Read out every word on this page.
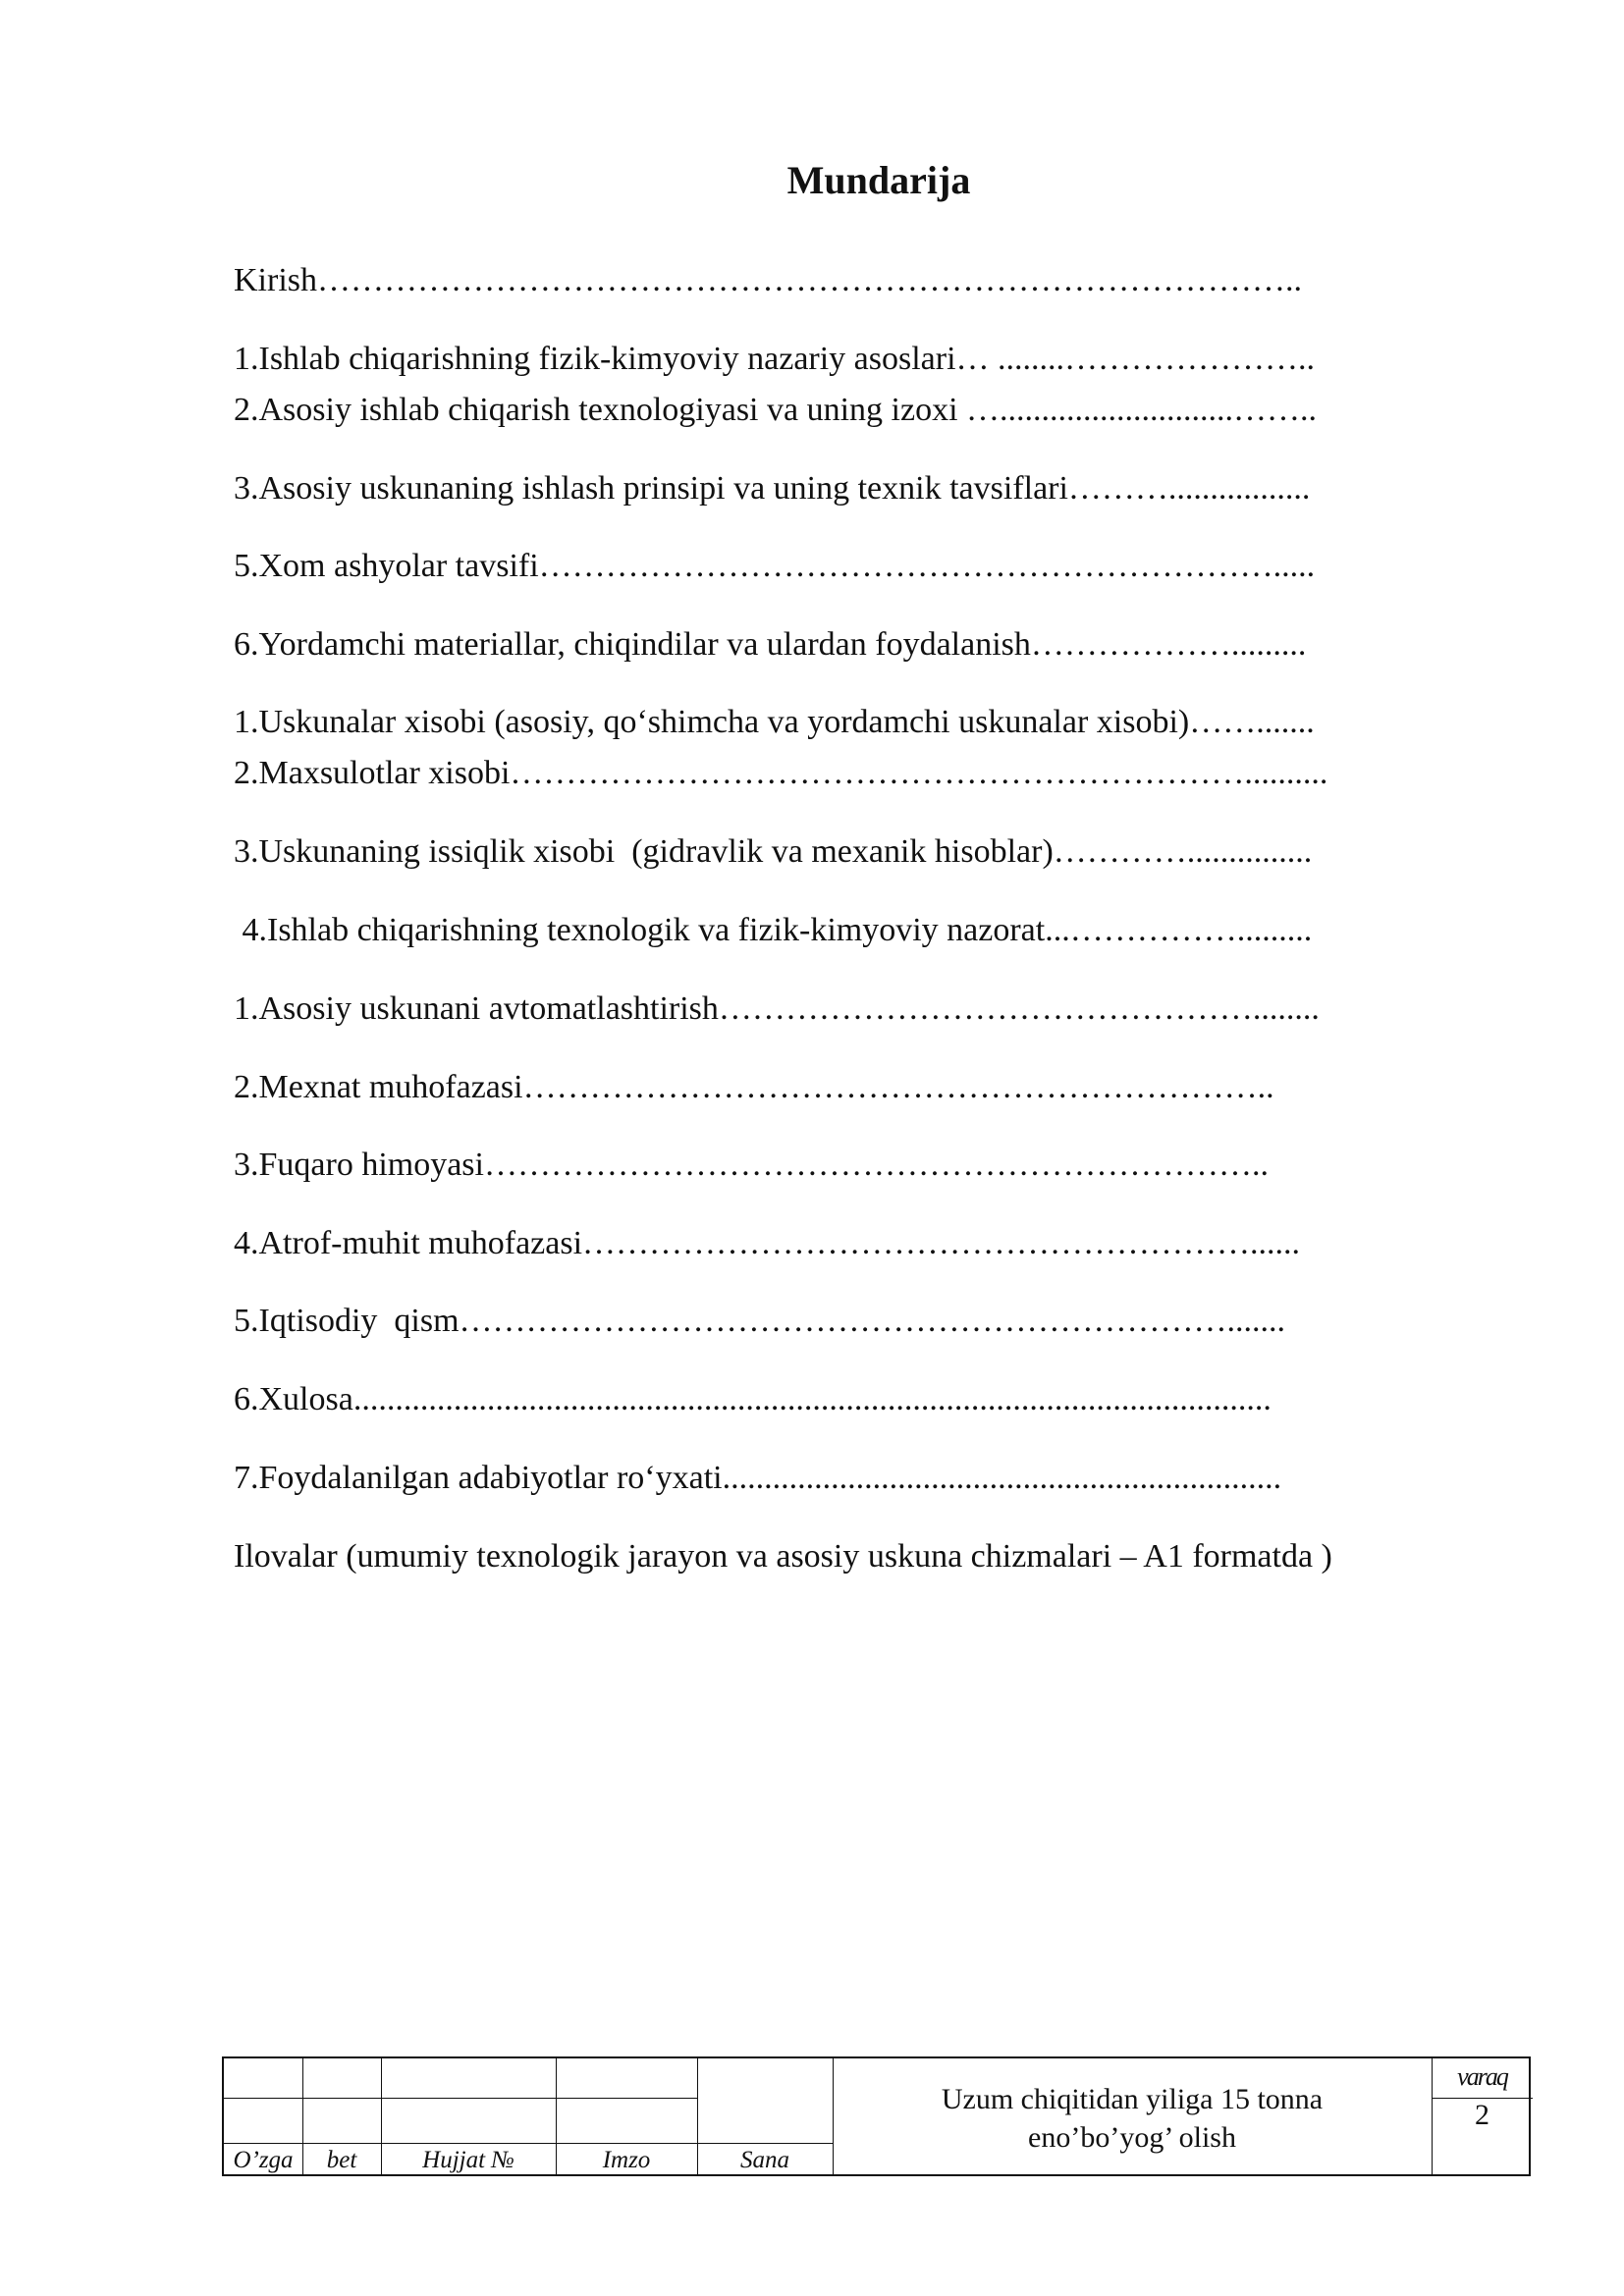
Mundarija
Kirish……………………………………………………………………………..
1.Ishlab chiqarishning fizik-kimyoviy nazariy asoslari… ........…………………..
2.Asosiy ishlab chiqarish texnologiyasi va uning izoxi …............................……..
3.Asosiy uskunaning ishlash prinsipi va uning texnik tavsiflari……….................
5.Xom ashyolar tavsifi………………………………………………………….....
6.Yordamchi materiallar, chiqindilar va ulardan foydalanish……………….........
1.Uskunalar xisobi (asosiy, qo‘shimcha va yordamchi uskunalar xisobi)…….......
2.Maxsulotlar xisobi…………………………………………………………..........
3.Uskunaning issiqlik xisobi  (gidravlik va mexanik hisoblar)…………...............
4.Ishlab chiqarishning texnologik va fizik-kimyoviy nazorat...…………….........
1.Asosiy uskunani avtomatlashtirish…………………………………………........
2.Mexnat muhofazasi…………………………………………………………..
3.Fuqaro himoyasi……………………………………………………………..
4.Atrof-muhit muhofazasi……………………………………………………......
5.Iqtisodiy  qism…………………………………………………………….......
6.Xulosa..............................................................................................................
7.Foydalanilgan adabiyotlar ro‘yxati...................................................................
Ilovalar (umumiy texnologik jarayon va asosiy uskuna chizmalari – A1 formatda )
O’zga	bet	Hujjat №	Imzo	Sana
Uzum chiqitidan yiliga 15 tonna
eno’bo’yog’ olish
varaq
2
